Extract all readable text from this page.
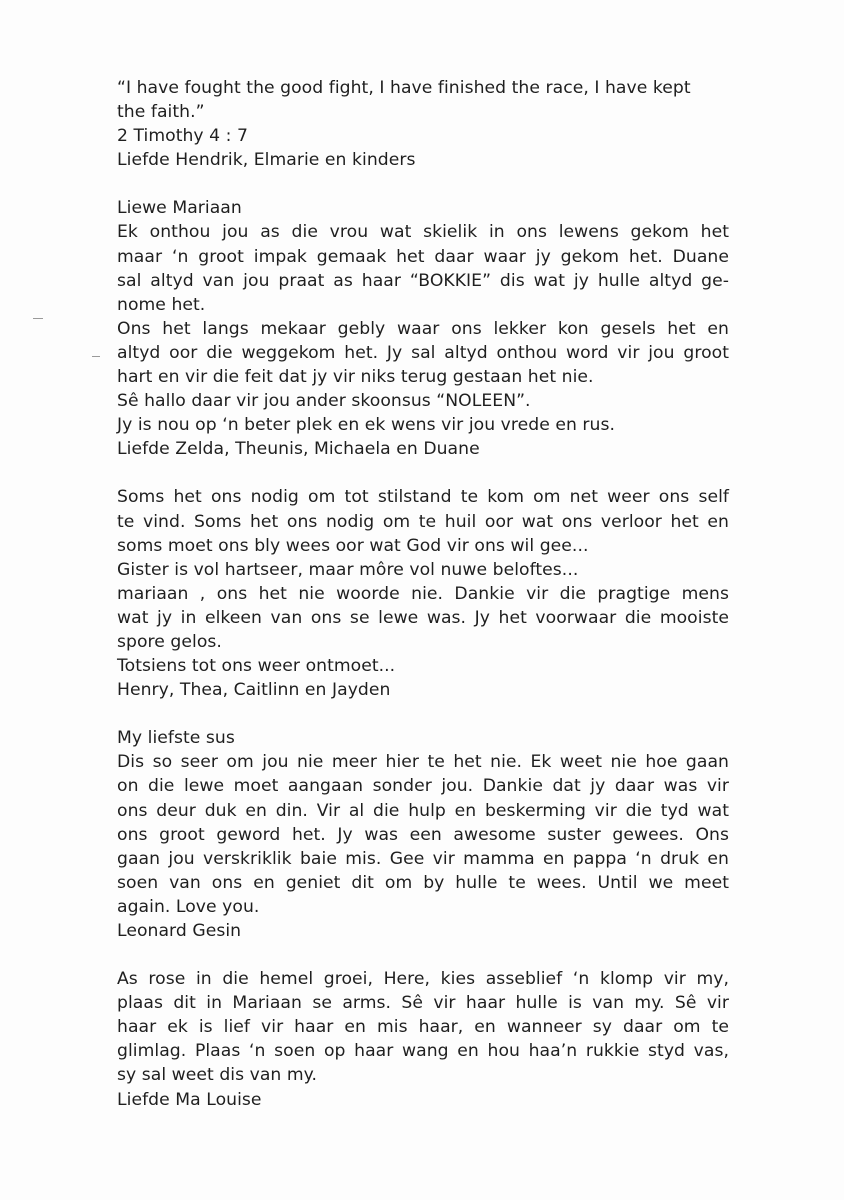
“I have fought the good fight, I have finished the race, I have kept
the faith.”
2 Timothy 4 : 7
Liefde Hendrik, Elmarie en kinders
Liewe Mariaan
Ek onthou jou as die vrou wat skielik in ons lewens gekom het
maar ‘n groot impak gemaak het daar waar jy gekom het. Duane
sal altyd van jou praat as haar “BOKKIE” dis wat jy hulle altyd ge-
nome het.
Ons het langs mekaar gebly waar ons lekker kon gesels het en
altyd oor die weggekom het. Jy sal altyd onthou word vir jou groot
hart en vir die feit dat jy vir niks terug gestaan het nie.
Sê hallo daar vir jou ander skoonsus “NOLEEN”.
Jy is nou op ‘n beter plek en ek wens vir jou vrede en rus.
Liefde Zelda, Theunis, Michaela en Duane
Soms het ons nodig om tot stilstand te kom om net weer ons self
te vind. Soms het ons nodig om te huil oor wat ons verloor het en
soms moet ons bly wees oor wat God vir ons wil gee...
Gister is vol hartseer, maar môre vol nuwe beloftes...
mariaan , ons het nie woorde nie. Dankie vir die pragtige mens
wat jy in elkeen van ons se lewe was. Jy het voorwaar die mooiste
spore gelos.
Totsiens tot ons weer ontmoet...
Henry, Thea, Caitlinn en Jayden
My liefste sus
Dis so seer om jou nie meer hier te het nie. Ek weet nie hoe gaan
on die lewe moet aangaan sonder jou. Dankie dat jy daar was vir
ons deur duk en din. Vir al die hulp en beskerming vir die tyd wat
ons groot geword het. Jy was een awesome suster gewees. Ons
gaan jou verskriklik baie mis. Gee vir mamma en pappa ‘n druk en
soen van ons en geniet dit om by hulle te wees. Until we meet
again. Love you.
Leonard Gesin
As rose in die hemel groei, Here, kies asseblief ‘n klomp vir my,
plaas dit in Mariaan se arms. Sê vir haar hulle is van my. Sê vir
haar ek is lief vir haar en mis haar, en wanneer sy daar om te
glimlag. Plaas ‘n soen op haar wang en hou haa’n rukkie styd vas,
sy sal weet dis van my.
Liefde Ma Louise
